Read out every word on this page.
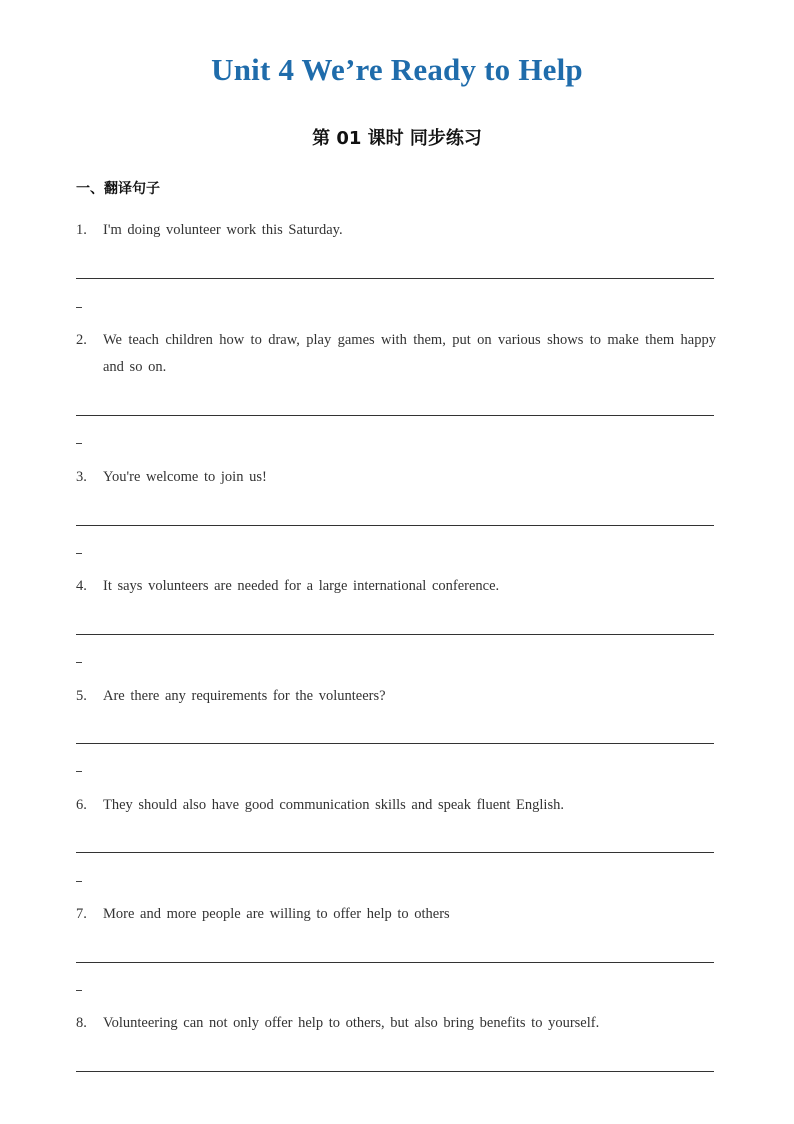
Unit 4 We’re Ready to Help
第 01 课时 同步练习
一、翻译句子
1.	I'm doing volunteer work this Saturday.
2.	We teach children how to draw, play games with them, put on various shows to make them happy and so on.
3.	You're welcome to join us!
4.	It says volunteers are needed for a large international conference.
5.	Are there any requirements for the volunteers?
6.	They should also have good communication skills and speak fluent English.
7.	More and more people are willing to offer help to others
8.	Volunteering can not only offer help to others, but also bring benefits to yourself.
